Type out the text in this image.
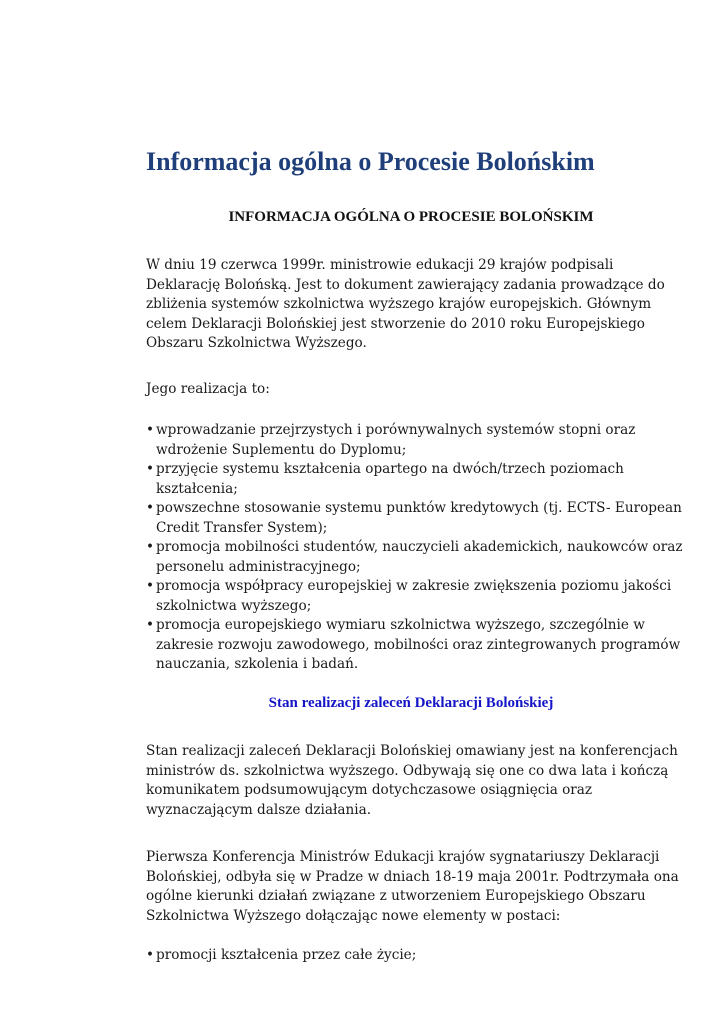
Informacja ogólna o Procesie Bolońskim
INFORMACJA OGÓLNA O PROCESIE BOLOŃSKIM

W dniu 19 czerwca 1999r. ministrowie edukacji 29 krajów podpisali
Deklarację Bolońską. Jest to dokument zawierający zadania prowadzące do
zbliżenia systemów szkolnictwa wyższego krajów europejskich. Głównym
celem Deklaracji Bolońskiej jest stworzenie do 2010 roku Europejskiego
Obszaru Szkolnictwa Wyższego.

Jego realizacja to:

• wprowadzanie przejrzystych i porównywalnych systemów stopni oraz
wdrożenie Suplementu do Dyplomu;
• przyjęcie systemu kształcenia opartego na dwóch/trzech poziomach
kształcenia;
• powszechne stosowanie systemu punktów kredytowych (tj. ECTS- European
Credit Transfer System);
• promocja mobilności studentów, nauczycieli akademickich, naukowców oraz
personelu administracyjnego;
• promocja współpracy europejskiej w zakresie zwiększenia poziomu jakości
szkolnictwa wyższego;
• promocja europejskiego wymiaru szkolnictwa wyższego, szczególnie w
zakresie rozwoju zawodowego, mobilności oraz zintegrowanych programów
nauczania, szkolenia i badań.
Stan realizacji zaleceń Deklaracji Bolońskiej

Stan realizacji zaleceń Deklaracji Bolońskiej omawiany jest na konferencjach
ministrów ds. szkolnictwa wyższego. Odbywają się one co dwa lata i kończą
komunikatem podsumowującym dotychczasowe osiągnięcia oraz
wyznaczającym dalsze działania.

Pierwsza Konferencja Ministrów Edukacji krajów sygnatariuszy Deklaracji
Bolońskiej, odbyła się w Pradze w dniach 18-19 maja 2001r. Podtrzymała ona
ogólne kierunki działań związane z utworzeniem Europejskiego Obszaru
Szkolnictwa Wyższego dołączając nowe elementy w postaci:

• promocji kształcenia przez całe życie;
